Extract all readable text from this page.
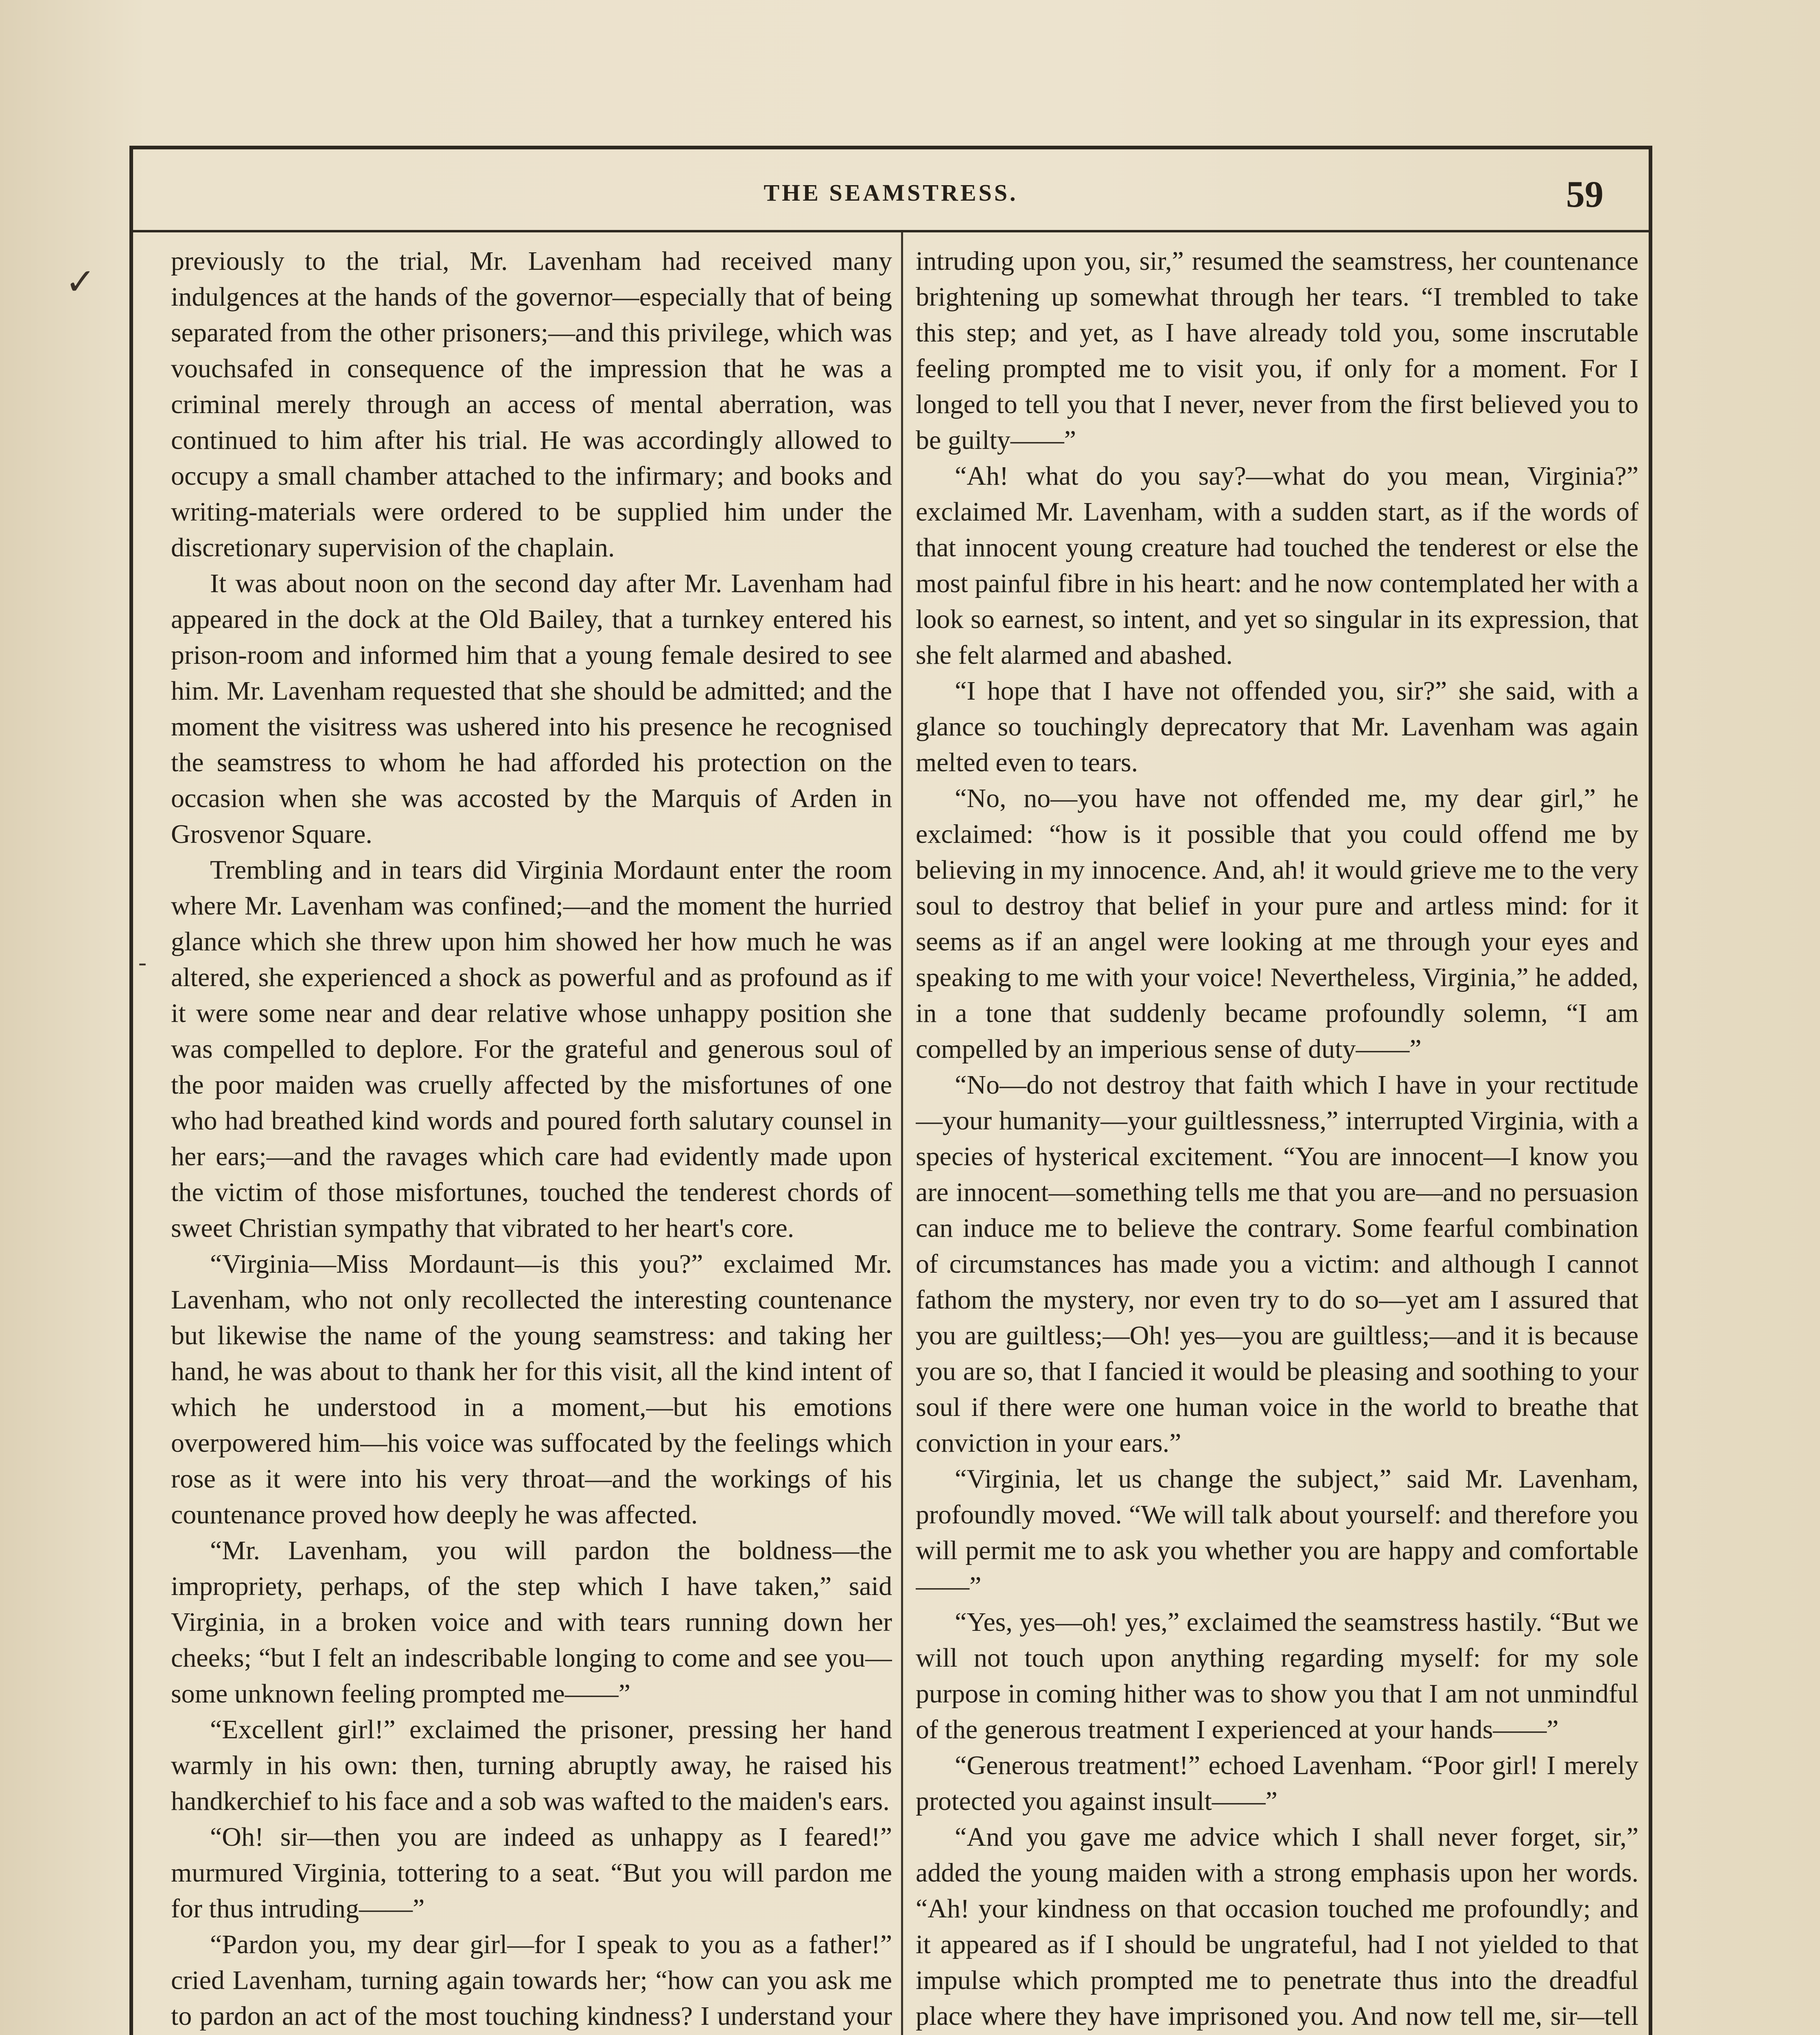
THE SEAMSTRESS.	59

previously to the trial, Mr. Lavenham had received many indulgences at the hands of the governor—especially that of being separated from the other prisoners;—and this privilege, which was vouchsafed in consequence of the impression that he was a criminal merely through an access of mental aberration, was continued to him after his trial. He was accordingly allowed to occupy a small chamber attached to the infirmary; and books and writing-materials were ordered to be supplied him under the discretionary supervision of the chaplain.

It was about noon on the second day after Mr. Lavenham had appeared in the dock at the Old Bailey, that a turnkey entered his prison-room and informed him that a young female desired to see him. Mr. Lavenham requested that she should be admitted; and the moment the visitress was ushered into his presence he recognised the seamstress to whom he had afforded his protection on the occasion when she was accosted by the Marquis of Arden in Grosvenor Square.

Trembling and in tears did Virginia Mordaunt enter the room where Mr. Lavenham was confined;—and the moment the hurried glance which she threw upon him showed her how much he was altered, she experienced a shock as powerful and as profound as if it were some near and dear relative whose unhappy position she was compelled to deplore. For the grateful and generous soul of the poor maiden was cruelly affected by the misfortunes of one who had breathed kind words and poured forth salutary counsel in her ears;—and the ravages which care had evidently made upon the victim of those misfortunes, touched the tenderest chords of sweet Christian sympathy that vibrated to her heart's core.

“Virginia—Miss Mordaunt—is this you?” exclaimed Mr. Lavenham, who not only recollected the interesting countenance but likewise the name of the young seamstress: and taking her hand, he was about to thank her for this visit, all the kind intent of which he understood in a moment,—but his emotions overpowered him—his voice was suffocated by the feelings which rose as it were into his very throat—and the workings of his countenance proved how deeply he was affected.

“Mr. Lavenham, you will pardon the boldness—the impropriety, perhaps, of the step which I have taken,” said Virginia, in a broken voice and with tears running down her cheeks; “but I felt an indescribable longing to come and see you—some unknown feeling prompted me——”

“Excellent girl!” exclaimed the prisoner, pressing her hand warmly in his own: then, turning abruptly away, he raised his handkerchief to his face and a sob was wafted to the maiden's ears.

“Oh! sir—then you are indeed as unhappy as I feared!” murmured Virginia, tottering to a seat. “But you will pardon me for thus intruding——”

“Pardon you, my dear girl—for I speak to you as a father!” cried Lavenham, turning again towards her; “how can you ask me to pardon an act of the most touching kindness? I understand your

intruding upon you, sir,” resumed the seamstress, her countenance brightening up somewhat through her tears. “I trembled to take this step; and yet, as I have already told you, some inscrutable feeling prompted me to visit you, if only for a moment. For I longed to tell you that I never, never from the first believed you to be guilty——”

“Ah! what do you say?—what do you mean, Virginia?” exclaimed Mr. Lavenham, with a sudden start, as if the words of that innocent young creature had touched the tenderest or else the most painful fibre in his heart: and he now contemplated her with a look so earnest, so intent, and yet so singular in its expression, that she felt alarmed and abashed.

“I hope that I have not offended you, sir?” she said, with a glance so touchingly deprecatory that Mr. Lavenham was again melted even to tears.

“No, no—you have not offended me, my dear girl,” he exclaimed: “how is it possible that you could offend me by believing in my innocence. And, ah! it would grieve me to the very soul to destroy that belief in your pure and artless mind: for it seems as if an angel were looking at me through your eyes and speaking to me with your voice! Nevertheless, Virginia,” he added, in a tone that suddenly became profoundly solemn, “I am compelled by an imperious sense of duty——”

“No—do not destroy that faith which I have in your rectitude—your humanity—your guiltlessness,” interrupted Virginia, with a species of hysterical excitement. “You are innocent—I know you are innocent—something tells me that you are—and no persuasion can induce me to believe the contrary. Some fearful combination of circumstances has made you a victim: and although I cannot fathom the mystery, nor even try to do so—yet am I assured that you are guiltless;—Oh! yes—you are guiltless;—and it is because you are so, that I fancied it would be pleasing and soothing to your soul if there were one human voice in the world to breathe that conviction in your ears.”

“Virginia, let us change the subject,” said Mr. Lavenham, profoundly moved. “We will talk about yourself: and therefore you will permit me to ask you whether you are happy and comfortable——”

“Yes, yes—oh! yes,” exclaimed the seamstress hastily. “But we will not touch upon anything regarding myself: for my sole purpose in coming hither was to show you that I am not unmindful of the generous treatment I experienced at your hands——”

“Generous treatment!” echoed Lavenham. “Poor girl! I merely protected you against insult——”

“And you gave me advice which I shall never forget, sir,” added the young maiden with a strong emphasis upon her words. “Ah! your kindness on that occasion touched me profoundly; and it appeared as if I should be ungrateful, had I not yielded to that impulse which prompted me to penetrate thus into the dreadful place where they have imprisoned you. And now tell me, sir—tell

✓
-
